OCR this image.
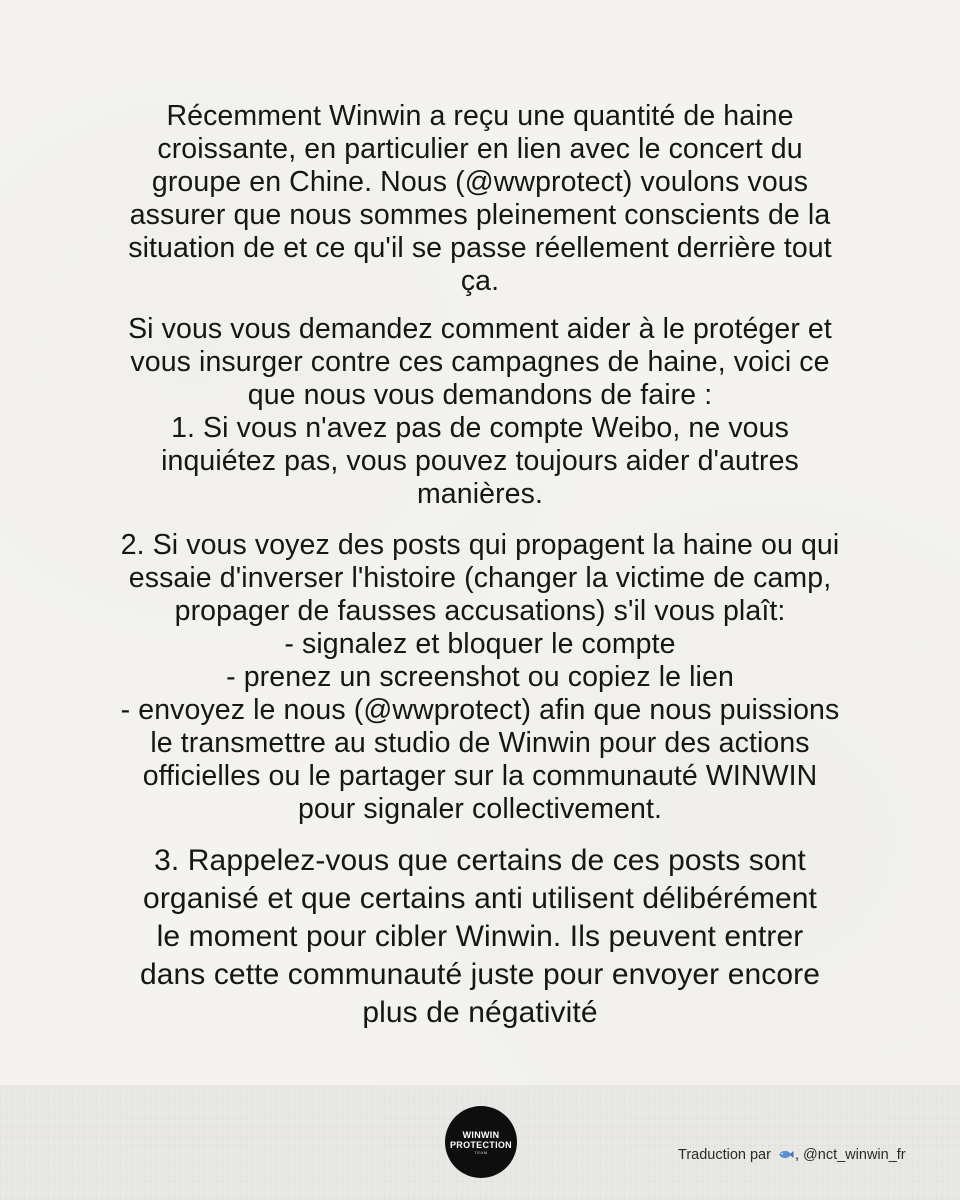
Récemment Winwin a reçu une quantité de haine
croissante, en particulier en lien avec le concert du
groupe en Chine. Nous (@wwprotect) voulons vous
assurer que nous sommes pleinement conscients de la
situation de et ce qu'il se passe réellement derrière tout
ça.

Si vous vous demandez comment aider à le protéger et
vous insurger contre ces campagnes de haine, voici ce
que nous vous demandons de faire :
1. Si vous n'avez pas de compte Weibo, ne vous
inquiétez pas, vous pouvez toujours aider d'autres
manières.

2. Si vous voyez des posts qui propagent la haine ou qui
essaie d'inverser l'histoire (changer la victime de camp,
propager de fausses accusations) s'il vous plaît:
- signalez et bloquer le compte
- prenez un screenshot ou copiez le lien
- envoyez le nous (@wwprotect) afin que nous puissions
le transmettre au studio de Winwin pour des actions
officielles ou le partager sur la communauté WINWIN
pour signaler collectivement.

3. Rappelez-vous que certains de ces posts sont
organisé et que certains anti utilisent délibérément
le moment pour cibler Winwin. Ils peuvent entrer
dans cette communauté juste pour envoyer encore
plus de négativité

WINWIN
PROTECTION
TEAM	Traduction par , @nct_winwin_fr
